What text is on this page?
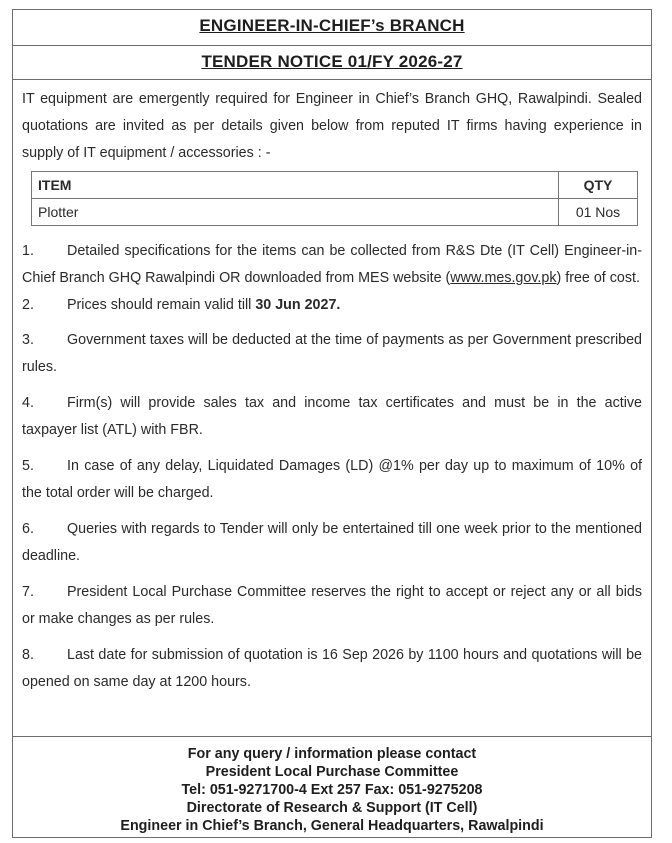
ENGINEER-IN-CHIEF’s BRANCH
TENDER NOTICE 01/FY 2026-27
IT equipment are emergently required for Engineer in Chief’s Branch GHQ, Rawalpindi. Sealed quotations are invited as per details given below from reputed IT firms having experience in supply of IT equipment / accessories : -
ITEM	QTY
Plotter	01 Nos

1. Detailed specifications for the items can be collected from R&S Dte (IT Cell) Engineer-in-Chief Branch GHQ Rawalpindi OR downloaded from MES website (www.mes.gov.pk) free of cost.

2. Prices should remain valid till 30 Jun 2027.

3. Government taxes will be deducted at the time of payments as per Government prescribed rules.

4. Firm(s) will provide sales tax and income tax certificates and must be in the active taxpayer list (ATL) with FBR.

5. In case of any delay, Liquidated Damages (LD) @1% per day up to maximum of 10% of the total order will be charged.

6. Queries with regards to Tender will only be entertained till one week prior to the mentioned deadline.

7. President Local Purchase Committee reserves the right to accept or reject any or all bids or make changes as per rules.

8. Last date for submission of quotation is 16 Sep 2026 by 1100 hours and quotations will be opened on same day at 1200 hours.

For any query / information please contact
President Local Purchase Committee
Tel: 051-9271700-4 Ext 257 Fax: 051-9275208
Directorate of Research & Support (IT Cell)
Engineer in Chief’s Branch, General Headquarters, Rawalpindi
